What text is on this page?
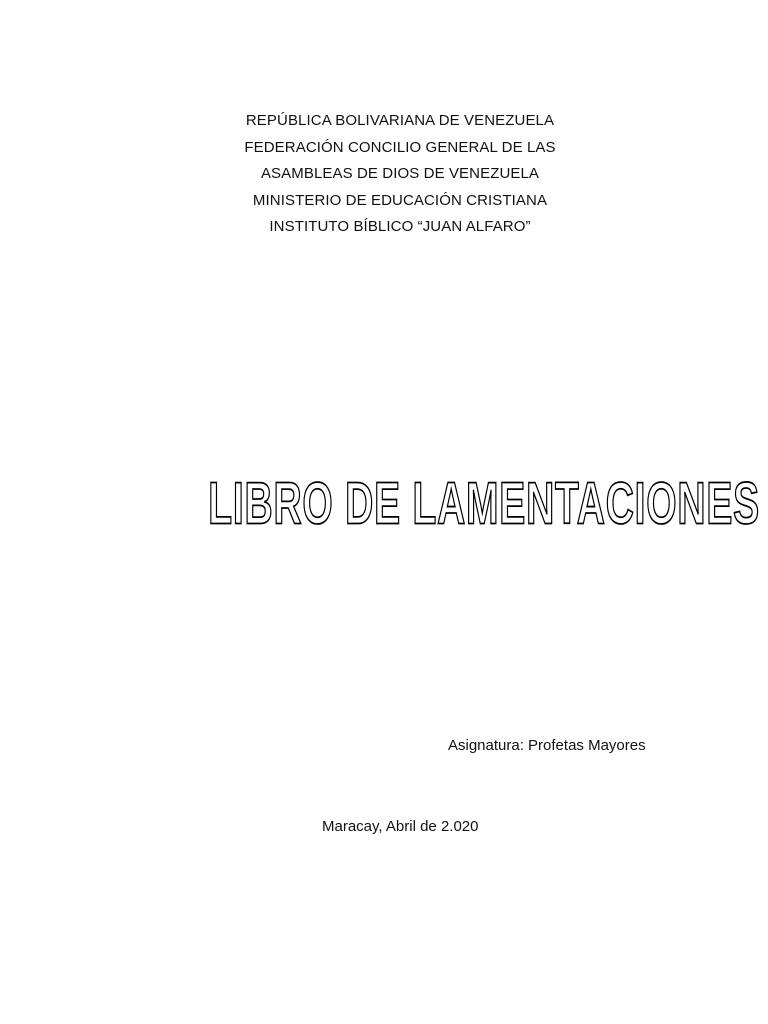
REPÚBLICA BOLIVARIANA DE VENEZUELA
FEDERACIÓN CONCILIO GENERAL DE LAS
ASAMBLEAS DE DIOS DE VENEZUELA
MINISTERIO DE EDUCACIÓN CRISTIANA
INSTITUTO BÍBLICO “JUAN ALFARO”
LIBRO DE LAMENTACIONES
Asignatura: Profetas Mayores
Maracay, Abril de 2.020
